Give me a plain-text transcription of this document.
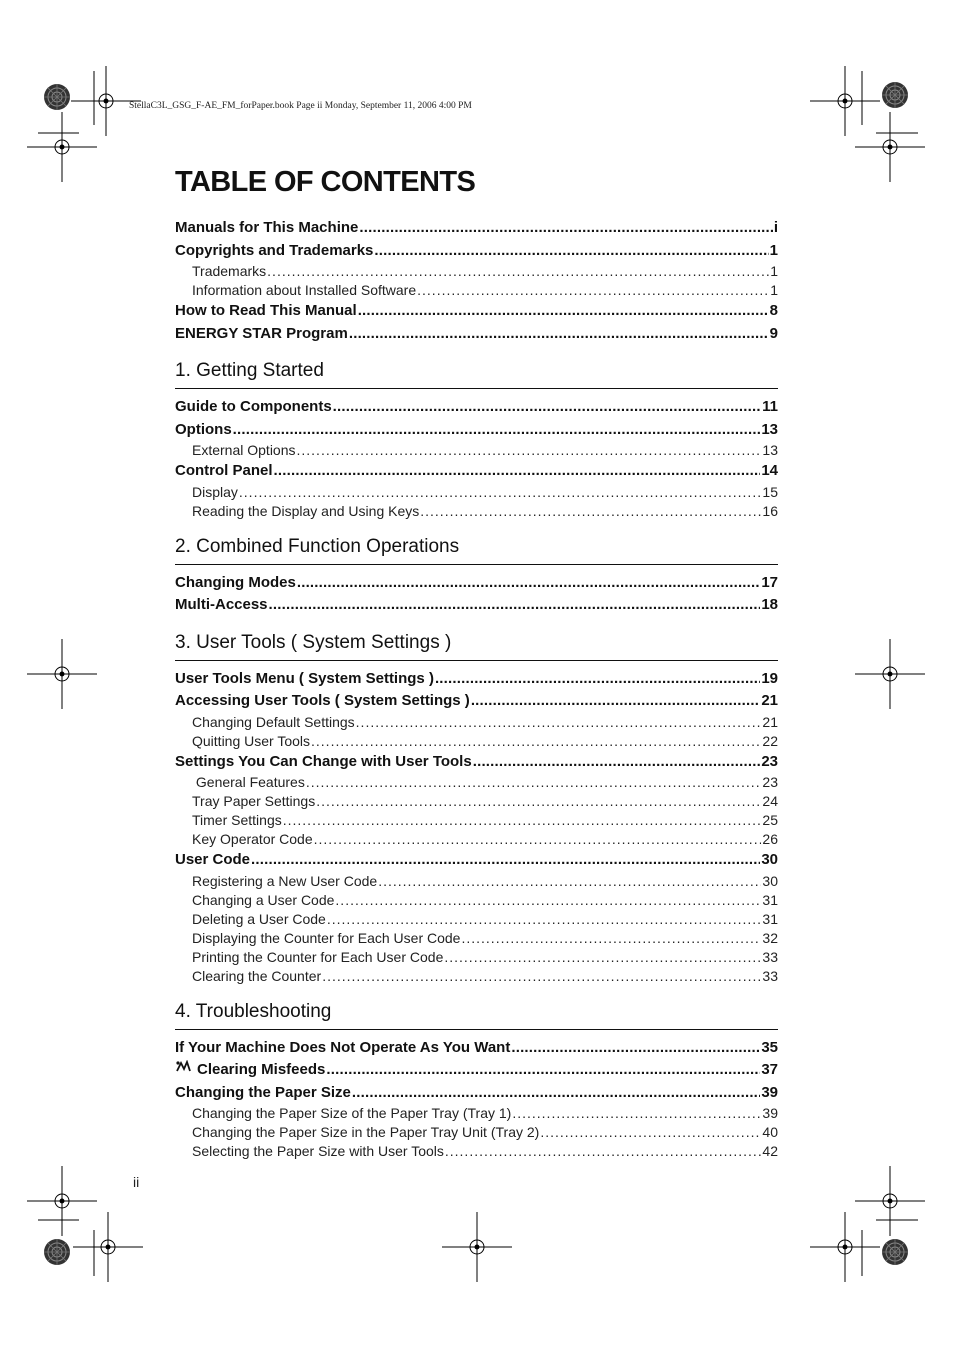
StellaC3L_GSG_F-AE_FM_forPaper.book Page ii Monday, September 11, 2006 4:00 PM
TABLE OF CONTENTS
Manuals for This Machine .....	i
Copyrights and Trademarks .....	1
Trademarks .....	1
Information about Installed Software .....	1
How to Read This Manual .....	8
ENERGY STAR Program .....	9
1. Getting Started
Guide to Components .....	11
Options .....	13
External Options .....	13
Control Panel .....	14
Display .....	15
Reading the Display and Using Keys .....	16
2. Combined Function Operations
Changing Modes .....	17
Multi-Access .....	18
3. User Tools ( System Settings )
User Tools Menu ( System Settings ) .....	19
Accessing User Tools ( System Settings ) .....	21
Changing Default Settings .....	21
Quitting User Tools .....	22
Settings You Can Change with User Tools .....	23
General Features .....	23
Tray Paper Settings .....	24
Timer Settings .....	25
Key Operator Code .....	26
User Code .....	30
Registering a New User Code .....	30
Changing a User Code .....	31
Deleting a User Code .....	31
Displaying the Counter for Each User Code .....	32
Printing the Counter for Each User Code .....	33
Clearing the Counter .....	33
4. Troubleshooting
If Your Machine Does Not Operate As You Want .....	35
Clearing Misfeeds .....	37
Changing the Paper Size .....	39
Changing the Paper Size of the Paper Tray (Tray 1) .....	39
Changing the Paper Size in the Paper Tray Unit (Tray 2) .....	40
Selecting the Paper Size with User Tools .....	42
ii
